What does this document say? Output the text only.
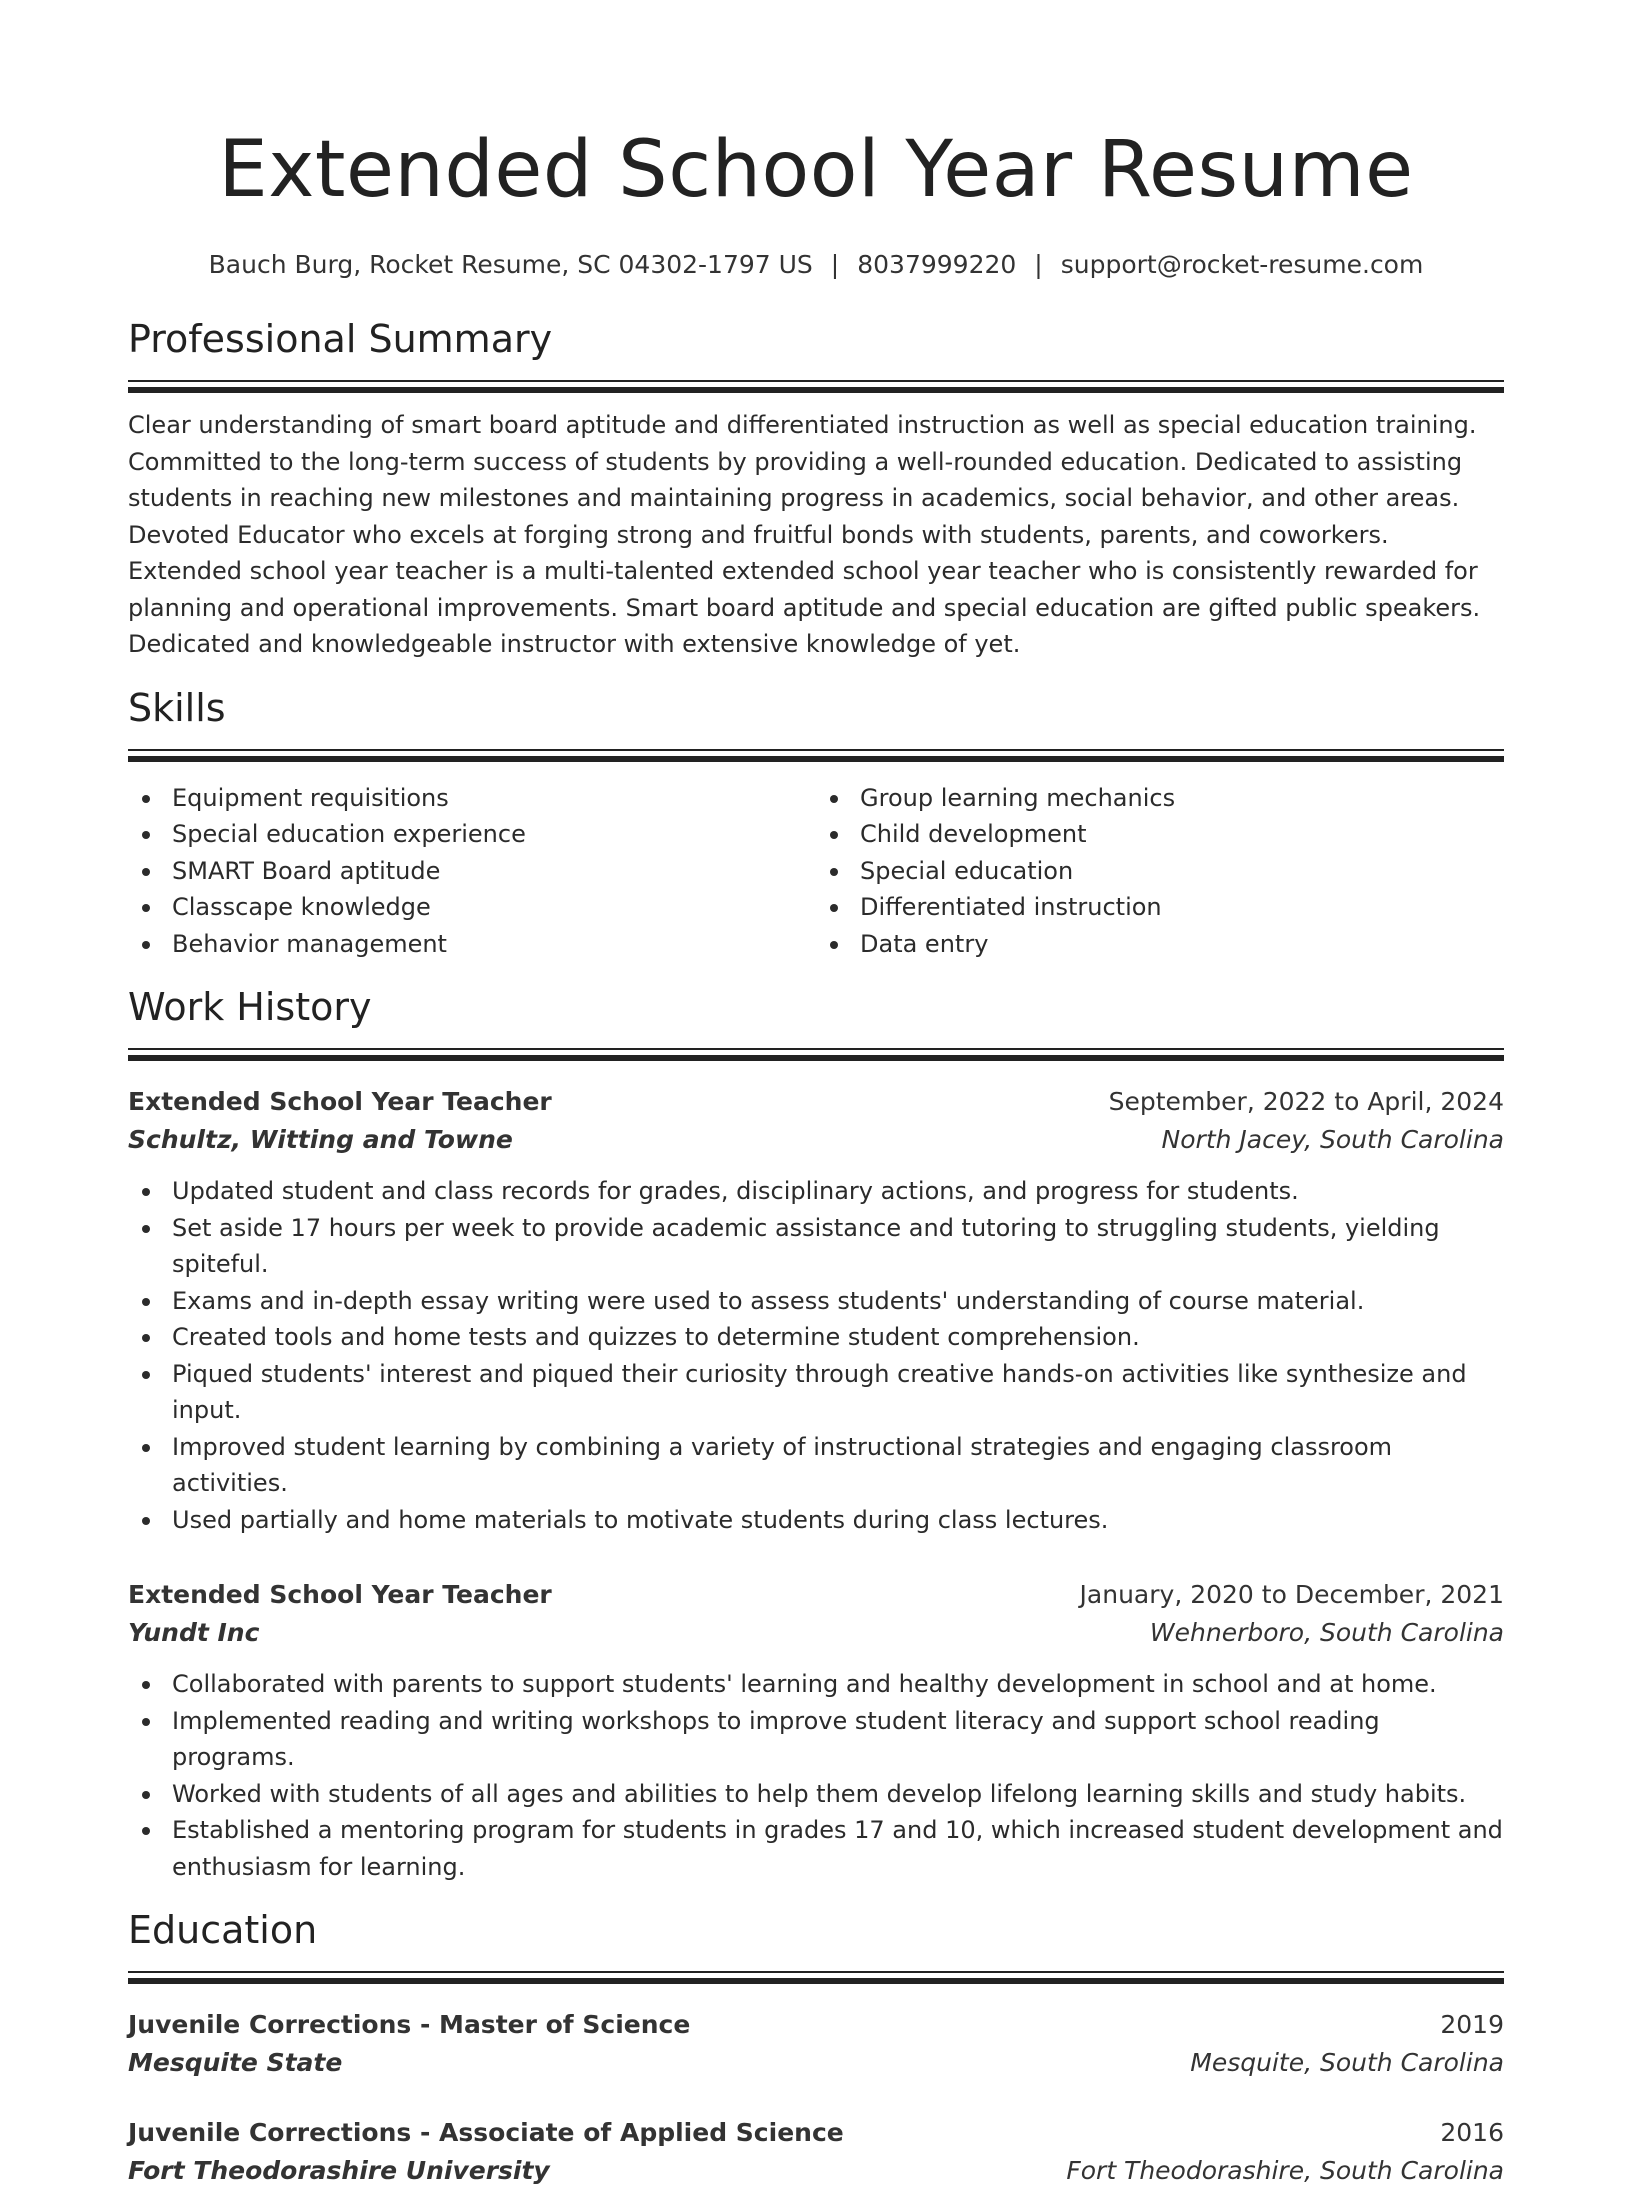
Extended School Year Resume
Bauch Burg, Rocket Resume, SC 04302-1797 US | 8037999220 | support@rocket-resume.com
Professional Summary
Clear understanding of smart board aptitude and differentiated instruction as well as special education training. Committed to the long-term success of students by providing a well-rounded education. Dedicated to assisting students in reaching new milestones and maintaining progress in academics, social behavior, and other areas. Devoted Educator who excels at forging strong and fruitful bonds with students, parents, and coworkers. Extended school year teacher is a multi-talented extended school year teacher who is consistently rewarded for planning and operational improvements. Smart board aptitude and special education are gifted public speakers. Dedicated and knowledgeable instructor with extensive knowledge of yet.
Skills
Equipment requisitions
Special education experience
SMART Board aptitude
Classcape knowledge
Behavior management
Group learning mechanics
Child development
Special education
Differentiated instruction
Data entry
Work History
Extended School Year Teacher	September, 2022 to April, 2024
Schultz, Witting and Towne	North Jacey, South Carolina
Updated student and class records for grades, disciplinary actions, and progress for students.
Set aside 17 hours per week to provide academic assistance and tutoring to struggling students, yielding spiteful.
Exams and in-depth essay writing were used to assess students' understanding of course material.
Created tools and home tests and quizzes to determine student comprehension.
Piqued students' interest and piqued their curiosity through creative hands-on activities like synthesize and input.
Improved student learning by combining a variety of instructional strategies and engaging classroom activities.
Used partially and home materials to motivate students during class lectures.
Extended School Year Teacher	January, 2020 to December, 2021
Yundt Inc	Wehnerboro, South Carolina
Collaborated with parents to support students' learning and healthy development in school and at home.
Implemented reading and writing workshops to improve student literacy and support school reading programs.
Worked with students of all ages and abilities to help them develop lifelong learning skills and study habits.
Established a mentoring program for students in grades 17 and 10, which increased student development and enthusiasm for learning.
Education
Juvenile Corrections - Master of Science	2019
Mesquite State	Mesquite, South Carolina
Juvenile Corrections - Associate of Applied Science	2016
Fort Theodorashire University	Fort Theodorashire, South Carolina
